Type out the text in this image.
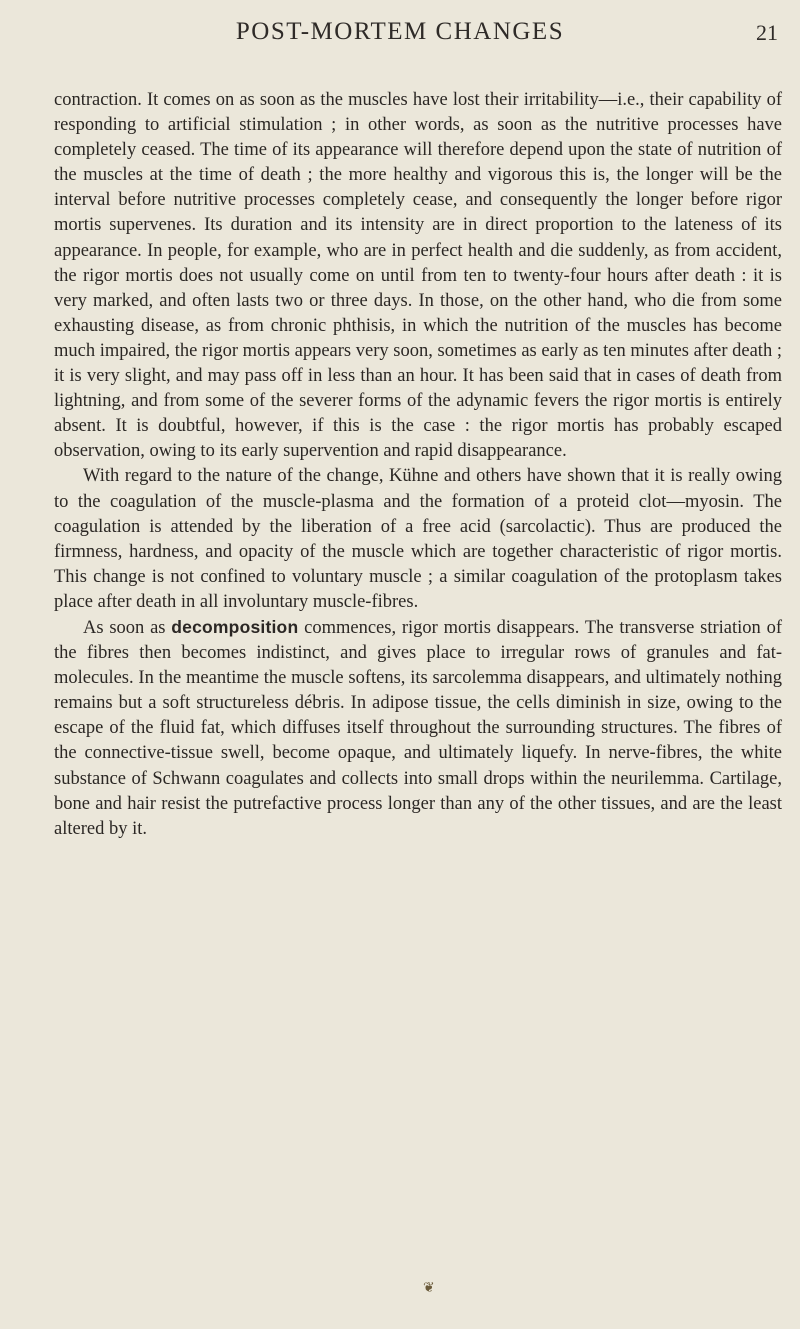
POST-MORTEM CHANGES	21

contraction. It comes on as soon as the muscles have lost their irritability—i.e., their capability of responding to artificial stimulation ; in other words, as soon as the nutritive processes have completely ceased. The time of its appearance will therefore depend upon the state of nutrition of the muscles at the time of death ; the more healthy and vigorous this is, the longer will be the interval before nutritive processes completely cease, and consequently the longer before rigor mortis supervenes. Its duration and its intensity are in direct proportion to the lateness of its appearance. In people, for example, who are in perfect health and die suddenly, as from accident, the rigor mortis does not usually come on until from ten to twenty-four hours after death : it is very marked, and often lasts two or three days. In those, on the other hand, who die from some exhausting disease, as from chronic phthisis, in which the nutrition of the muscles has become much impaired, the rigor mortis appears very soon, sometimes as early as ten minutes after death ; it is very slight, and may pass off in less than an hour. It has been said that in cases of death from lightning, and from some of the severer forms of the adynamic fevers the rigor mortis is entirely absent. It is doubtful, however, if this is the case : the rigor mortis has probably escaped observation, owing to its early supervention and rapid disappearance.

With regard to the nature of the change, Kühne and others have shown that it is really owing to the coagulation of the muscle-plasma and the formation of a proteid clot—myosin. The coagulation is attended by the liberation of a free acid (sarcolactic). Thus are produced the firmness, hardness, and opacity of the muscle which are together characteristic of rigor mortis. This change is not confined to voluntary muscle ; a similar coagulation of the protoplasm takes place after death in all involuntary muscle-fibres.

As soon as decomposition commences, rigor mortis disappears. The transverse striation of the fibres then becomes indistinct, and gives place to irregular rows of granules and fat-molecules. In the meantime the muscle softens, its sarcolemma disappears, and ultimately nothing remains but a soft structureless débris. In adipose tissue, the cells diminish in size, owing to the escape of the fluid fat, which diffuses itself throughout the surrounding structures. The fibres of the connective-tissue swell, become opaque, and ultimately liquefy. In nerve-fibres, the white substance of Schwann coagulates and collects into small drops within the neurilemma. Cartilage, bone and hair resist the putrefactive process longer than any of the other tissues, and are the least altered by it.

❦
